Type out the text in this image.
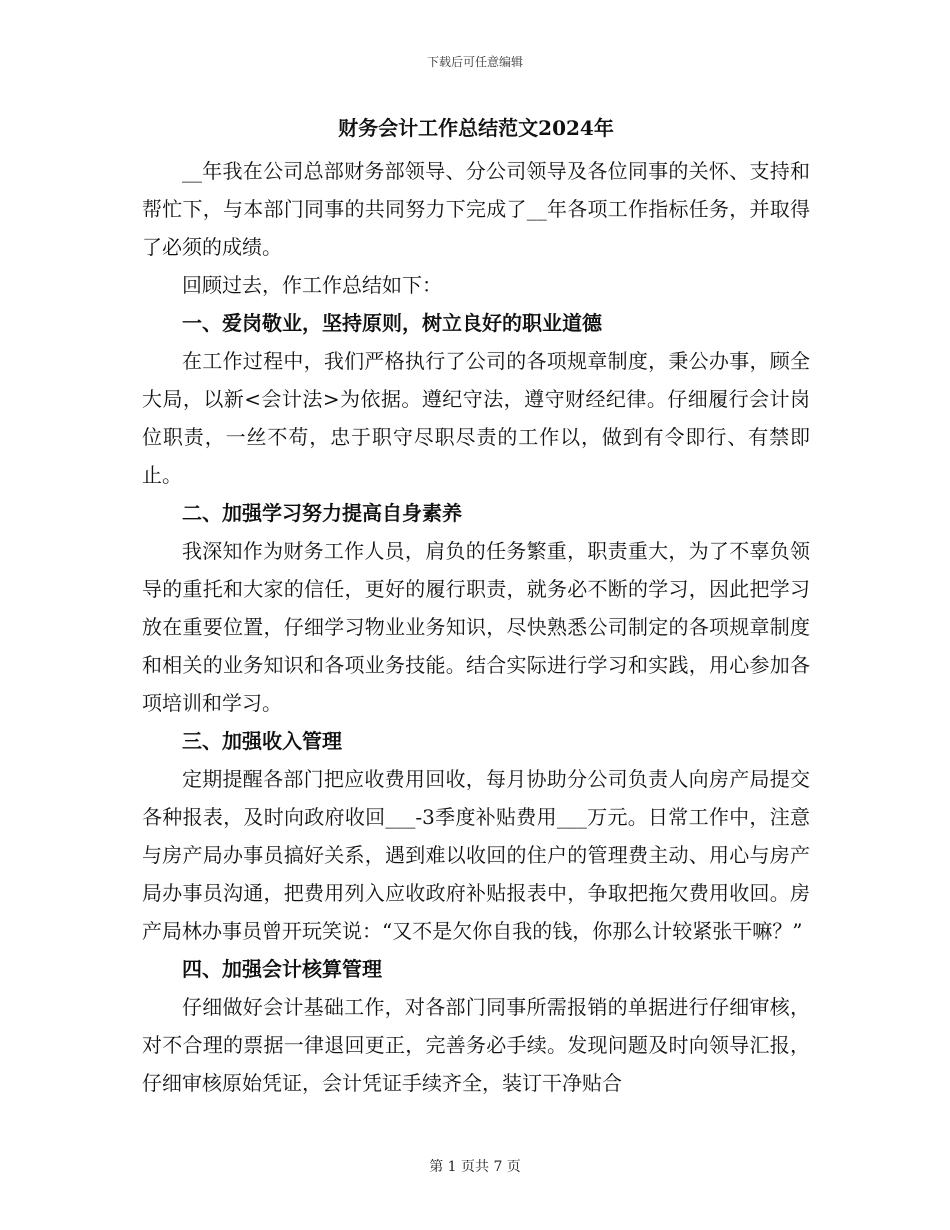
下载后可任意编辑
财务会计工作总结范文2024年

__年我在公司总部财务部领导、分公司领导及各位同事的关怀、支持和帮忙下，与本部门同事的共同努力下完成了__年各项工作指标任务，并取得了必须的成绩。

回顾过去，作工作总结如下：

一、爱岗敬业，坚持原则，树立良好的职业道德

在工作过程中，我们严格执行了公司的各项规章制度，秉公办事，顾全大局，以新<会计法>为依据。遵纪守法，遵守财经纪律。仔细履行会计岗位职责，一丝不苟，忠于职守尽职尽责的工作以，做到有令即行、有禁即止。

二、加强学习努力提高自身素养

我深知作为财务工作人员，肩负的任务繁重，职责重大，为了不辜负领导的重托和大家的信任，更好的履行职责，就务必不断的学习，因此把学习放在重要位置，仔细学习物业业务知识，尽快熟悉公司制定的各项规章制度和相关的业务知识和各项业务技能。结合实际进行学习和实践，用心参加各项培训和学习。

三、加强收入管理

定期提醒各部门把应收费用回收，每月协助分公司负责人向房产局提交各种报表，及时向政府收回___-3季度补贴费用___万元。日常工作中，注意与房产局办事员搞好关系，遇到难以收回的住户的管理费主动、用心与房产局办事员沟通，把费用列入应收政府补贴报表中，争取把拖欠费用收回。房产局林办事员曾开玩笑说：“又不是欠你自我的钱，你那么计较紧张干嘛？”

四、加强会计核算管理

仔细做好会计基础工作，对各部门同事所需报销的单据进行仔细审核，对不合理的票据一律退回更正，完善务必手续。发现问题及时向领导汇报，仔细审核原始凭证，会计凭证手续齐全，装订干净贴合

第 1 页共 7 页
